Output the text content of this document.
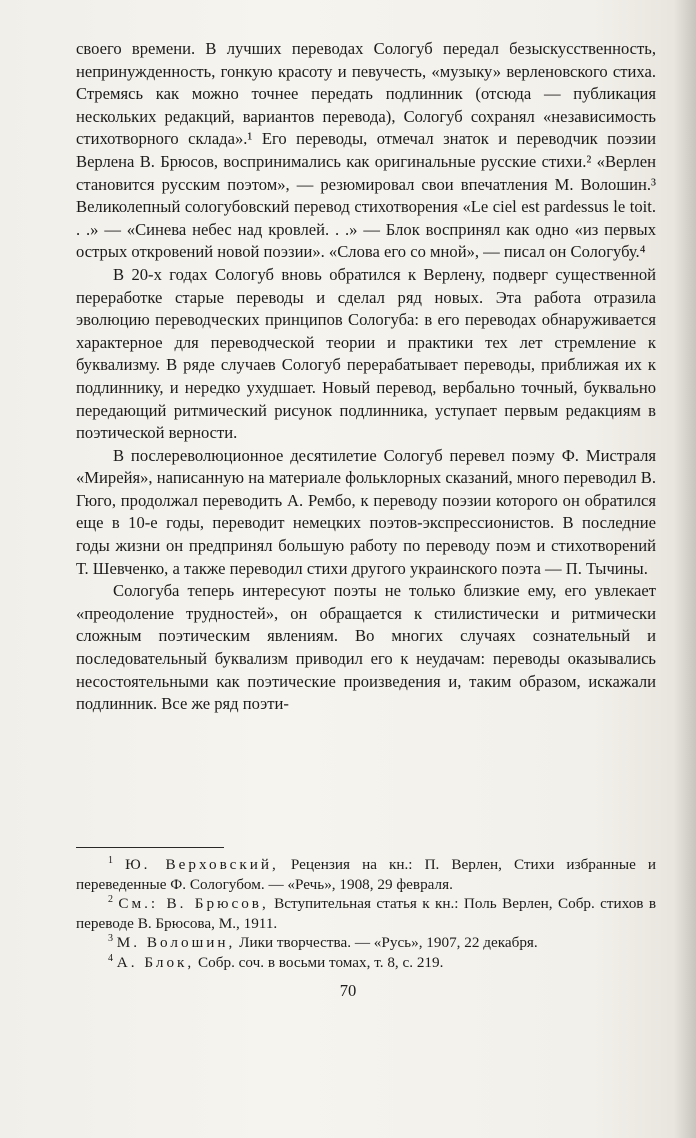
своего времени. В лучших переводах Сологуб передал безыскусственность, непринужденность, гонкую красоту и певучесть, «музыку» верленовского стиха. Стремясь как можно точнее передать подлинник (отсюда — публикация нескольких редакций, вариантов перевода), Сологуб сохранял «независимость стихотворного склада».¹ Его переводы, отмечал знаток и переводчик поэзии Верлена В. Брюсов, воспринимались как оригинальные русские стихи.² «Верлен становится русским поэтом», — резюмировал свои впечатления М. Волошин.³ Великолепный сологубовский перевод стихотворения «Le ciel est pardessus le toit. . .» — «Синева небес над кровлей. . .» — Блок воспринял как одно «из первых острых откровений новой поэзии». «Слова его со мной», — писал он Сологубу.⁴

В 20-х годах Сологуб вновь обратился к Верлену, подверг существенной переработке старые переводы и сделал ряд новых. Эта работа отразила эволюцию переводческих принципов Сологуба: в его переводах обнаруживается характерное для переводческой теории и практики тех лет стремление к буквализму. В ряде случаев Сологуб перерабатывает переводы, приближая их к подлиннику, и нередко ухудшает. Новый перевод, вербально точный, буквально передающий ритмический рисунок подлинника, уступает первым редакциям в поэтической верности.

В послереволюционное десятилетие Сологуб перевел поэму Ф. Мистраля «Мирейя», написанную на материале фольклорных сказаний, много переводил В. Гюго, продолжал переводить А. Рембо, к переводу поэзии которого он обратился еще в 10-е годы, переводит немецких поэтов-экспрессионистов. В последние годы жизни он предпринял большую работу по переводу поэм и стихотворений Т. Шевченко, а также переводил стихи другого украинского поэта — П. Тычины.

Сологуба теперь интересуют поэты не только близкие ему, его увлекает «преодоление трудностей», он обращается к стилистически и ритмически сложным поэтическим явлениям. Во многих случаях сознательный и последовательный буквализм приводил его к неудачам: переводы оказывались несостоятельными как поэтические произведения и, таким образом, искажали подлинник. Все же ряд поэти-

$^1$ Ю. Верховский, Рецензия на кн.: П. Верлен, Стихи избранные и переведенные Ф. Сологубом. — «Речь», 1908, 29 февраля.

$^2$ См.: В. Брюсов, Вступительная статья к кн.: Поль Верлен, Собр. стихов в переводе В. Брюсова, М., 1911.

$^3$ М. Волошин, Лики творчества. — «Русь», 1907, 22 декабря.

$^4$ А. Блок, Собр. соч. в восьми томах, т. 8, с. 219.

70
